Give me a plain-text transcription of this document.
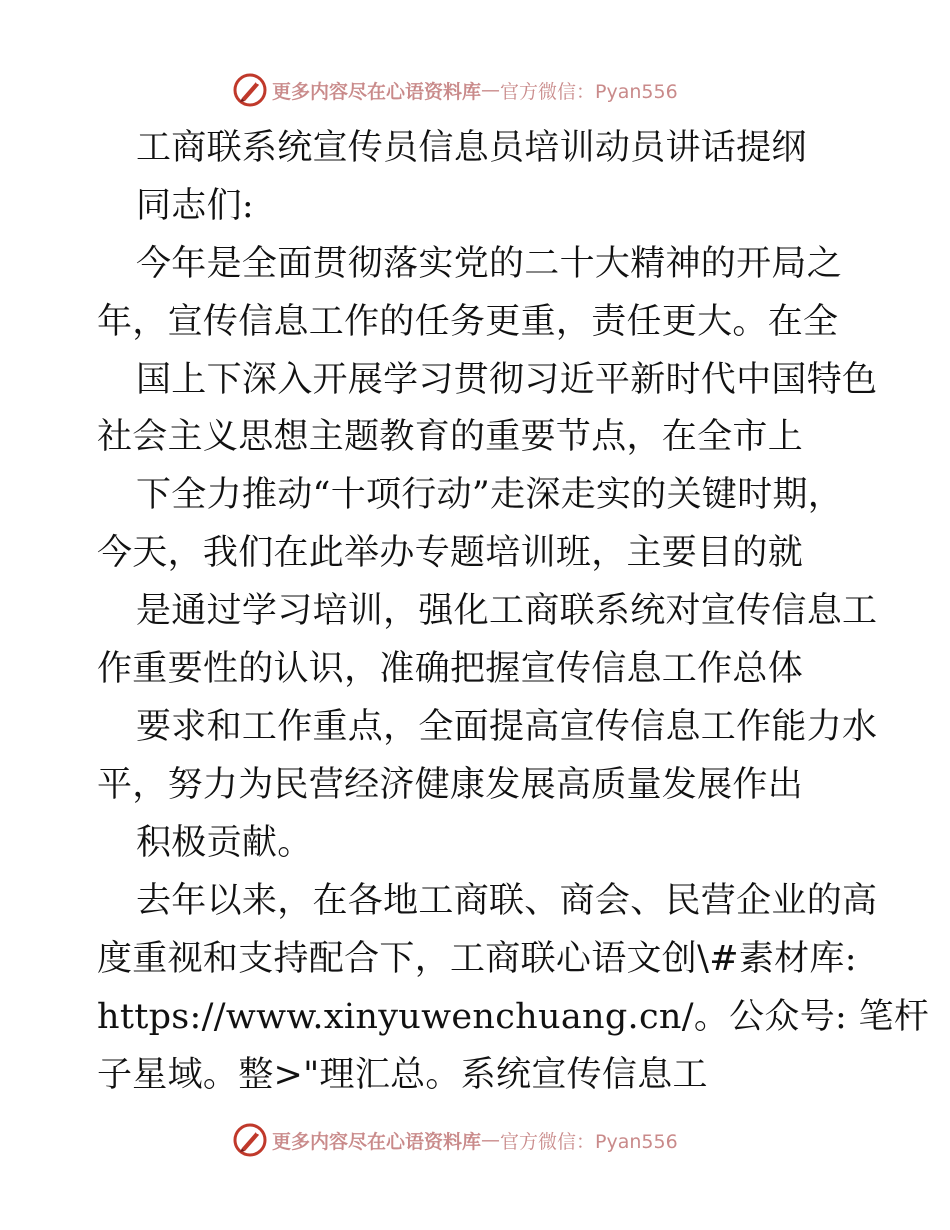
更多内容尽在心语资料库 — 官方微信：Pyan556
工商联系统宣传员信息员培训动员讲话提纲
同志们:
今年是全面贯彻落实党的二十大精神的开局之
年，宣传信息工作的任务更重，责任更大。在全
国上下深入开展学习贯彻习近平新时代中国特色
社会主义思想主题教育的重要节点，在全市上
下全力推动“十项行动”走深走实的关键时期，
今天，我们在此举办专题培训班，主要目的就
是通过学习培训，强化工商联系统对宣传信息工
作重要性的认识，准确把握宣传信息工作总体
要求和工作重点，全面提高宣传信息工作能力水
平，努力为民营经济健康发展高质量发展作出
积极贡献。
去年以来，在各地工商联、商会、民营企业的高
度重视和支持配合下，工商联心语文创\#素材库:
https://www.xinyuwenchuang.cn/。公众号: 笔杆
子星域。整>"理汇总。系统宣传信息工
更多内容尽在心语资料库 — 官方微信：Pyan556
